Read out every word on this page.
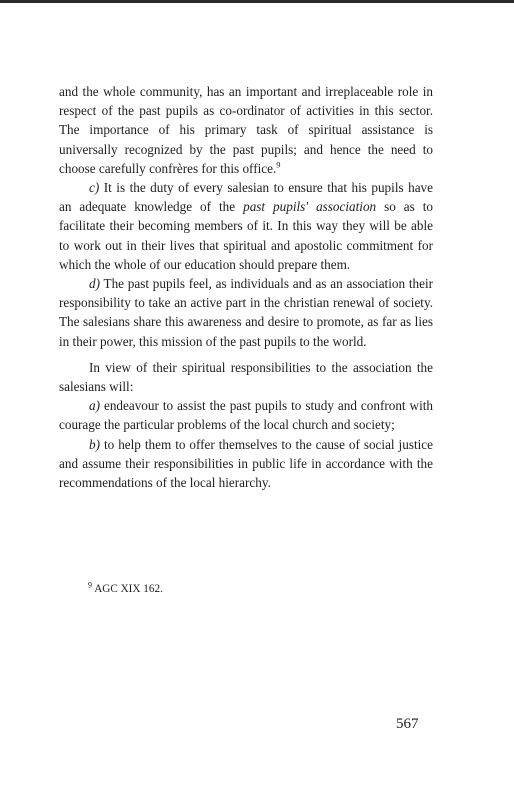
and the whole community, has an important and irreplaceable role in respect of the past pupils as co-ordinator of activities in this sector. The importance of his primary task of spiritual assistance is universally recognized by the past pupils; and hence the need to choose carefully confrères for this office.$^9$

c) It is the duty of every salesian to ensure that his pupils have an adequate knowledge of the past pupils' association so as to facilitate their becoming members of it. In this way they will be able to work out in their lives that spiritual and apostolic commitment for which the whole of our education should prepare them.

d) The past pupils feel, as individuals and as an association their responsibility to take an active part in the christian renewal of society. The salesians share this awareness and desire to promote, as far as lies in their power, this mission of the past pupils to the world.

In view of their spiritual responsibilities to the association the salesians will:

a) endeavour to assist the past pupils to study and confront with courage the particular problems of the local church and society;

b) to help them to offer themselves to the cause of social justice and assume their responsibilities in public life in accordance with the recommendations of the local hierarchy.

$^9$ AGC XIX 162.

567
